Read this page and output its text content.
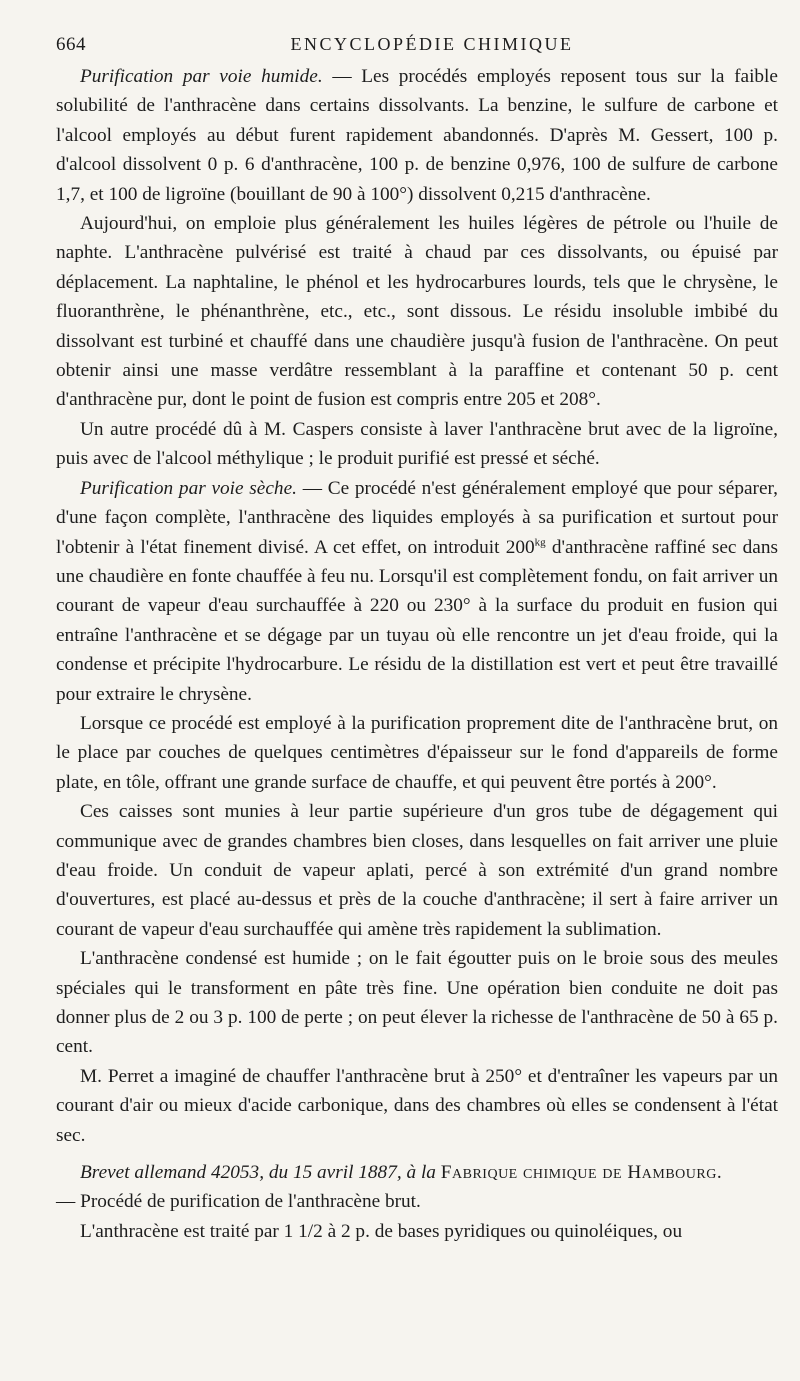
664	ENCYCLOPÉDIE CHIMIQUE

Purification par voie humide. — Les procédés employés reposent tous sur la faible solubilité de l'anthracène dans certains dissolvants. La benzine, le sulfure de carbone et l'alcool employés au début furent rapidement abandonnés. D'après M. Gessert, 100 p. d'alcool dissolvent 0 p. 6 d'anthracène, 100 p. de benzine 0,976, 100 de sulfure de carbone 1,7, et 100 de ligroïne (bouillant de 90 à 100°) dissolvent 0,215 d'anthracène.

Aujourd'hui, on emploie plus généralement les huiles légères de pétrole ou l'huile de naphte. L'anthracène pulvérisé est traité à chaud par ces dissolvants, ou épuisé par déplacement. La naphtaline, le phénol et les hydrocarbures lourds, tels que le chrysène, le fluoranthrène, le phénanthrène, etc., etc., sont dissous. Le résidu insoluble imbibé du dissolvant est turbiné et chauffé dans une chaudière jusqu'à fusion de l'anthracène. On peut obtenir ainsi une masse verdâtre ressemblant à la paraffine et contenant 50 p. cent d'anthracène pur, dont le point de fusion est compris entre 205 et 208°.

Un autre procédé dû à M. Caspers consiste à laver l'anthracène brut avec de la ligroïne, puis avec de l'alcool méthylique ; le produit purifié est pressé et séché.

Purification par voie sèche. — Ce procédé n'est généralement employé que pour séparer, d'une façon complète, l'anthracène des liquides employés à sa purification et surtout pour l'obtenir à l'état finement divisé. A cet effet, on introduit $200^{kg}$ d'anthracène raffiné sec dans une chaudière en fonte chauffée à feu nu. Lorsqu'il est complètement fondu, on fait arriver un courant de vapeur d'eau surchauffée à 220 ou 230° à la surface du produit en fusion qui entraîne l'anthracène et se dégage par un tuyau où elle rencontre un jet d'eau froide, qui la condense et précipite l'hydrocarbure. Le résidu de la distillation est vert et peut être travaillé pour extraire le chrysène.

Lorsque ce procédé est employé à la purification proprement dite de l'anthracène brut, on le place par couches de quelques centimètres d'épaisseur sur le fond d'appareils de forme plate, en tôle, offrant une grande surface de chauffe, et qui peuvent être portés à 200°.

Ces caisses sont munies à leur partie supérieure d'un gros tube de dégagement qui communique avec de grandes chambres bien closes, dans lesquelles on fait arriver une pluie d'eau froide. Un conduit de vapeur aplati, percé à son extrémité d'un grand nombre d'ouvertures, est placé au-dessus et près de la couche d'anthracène; il sert à faire arriver un courant de vapeur d'eau surchauffée qui amène très rapidement la sublimation.

L'anthracène condensé est humide ; on le fait égoutter puis on le broie sous des meules spéciales qui le transforment en pâte très fine. Une opération bien conduite ne doit pas donner plus de 2 ou 3 p. 100 de perte ; on peut élever la richesse de l'anthracène de 50 à 65 p. cent.

M. Perret a imaginé de chauffer l'anthracène brut à 250° et d'entraîner les vapeurs par un courant d'air ou mieux d'acide carbonique, dans des chambres où elles se condensent à l'état sec.

Brevet allemand 42053, du 15 avril 1887, à la Fabrique chimique de Hambourg.

— Procédé de purification de l'anthracène brut.

L'anthracène est traité par 1 1/2 à 2 p. de bases pyridiques ou quinoléiques, ou
